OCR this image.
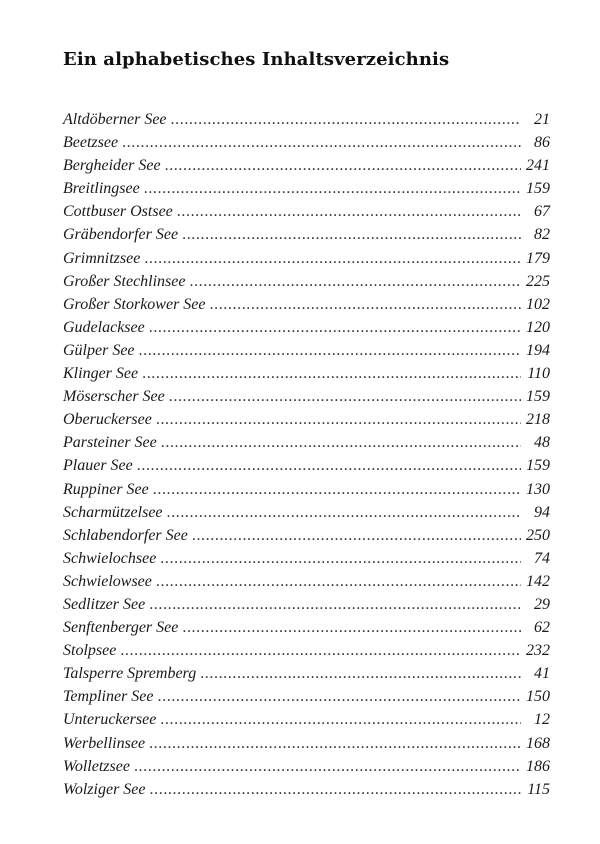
Ein alphabetisches Inhaltsverzeichnis
Altdöberner See .....	21
Beetzsee .....	86
Bergheider See .....	241
Breitlingsee .....	159
Cottbuser Ostsee .....	67
Gräbendorfer See .....	82
Grimnitzsee .....	179
Großer Stechlinsee .....	225
Großer Storkower See .....	102
Gudelacksee .....	120
Gülper See .....	194
Klinger See .....	110
Möserscher See .....	159
Oberuckersee .....	218
Parsteiner See .....	48
Plauer See .....	159
Ruppiner See .....	130
Scharmützelsee .....	94
Schlabendorfer See .....	250
Schwielochsee .....	74
Schwielowsee .....	142
Sedlitzer See .....	29
Senftenberger See .....	62
Stolpsee .....	232
Talsperre Spremberg .....	41
Templiner See .....	150
Unteruckersee .....	12
Werbellinsee .....	168
Wolletzsee .....	186
Wolziger See .....	115
